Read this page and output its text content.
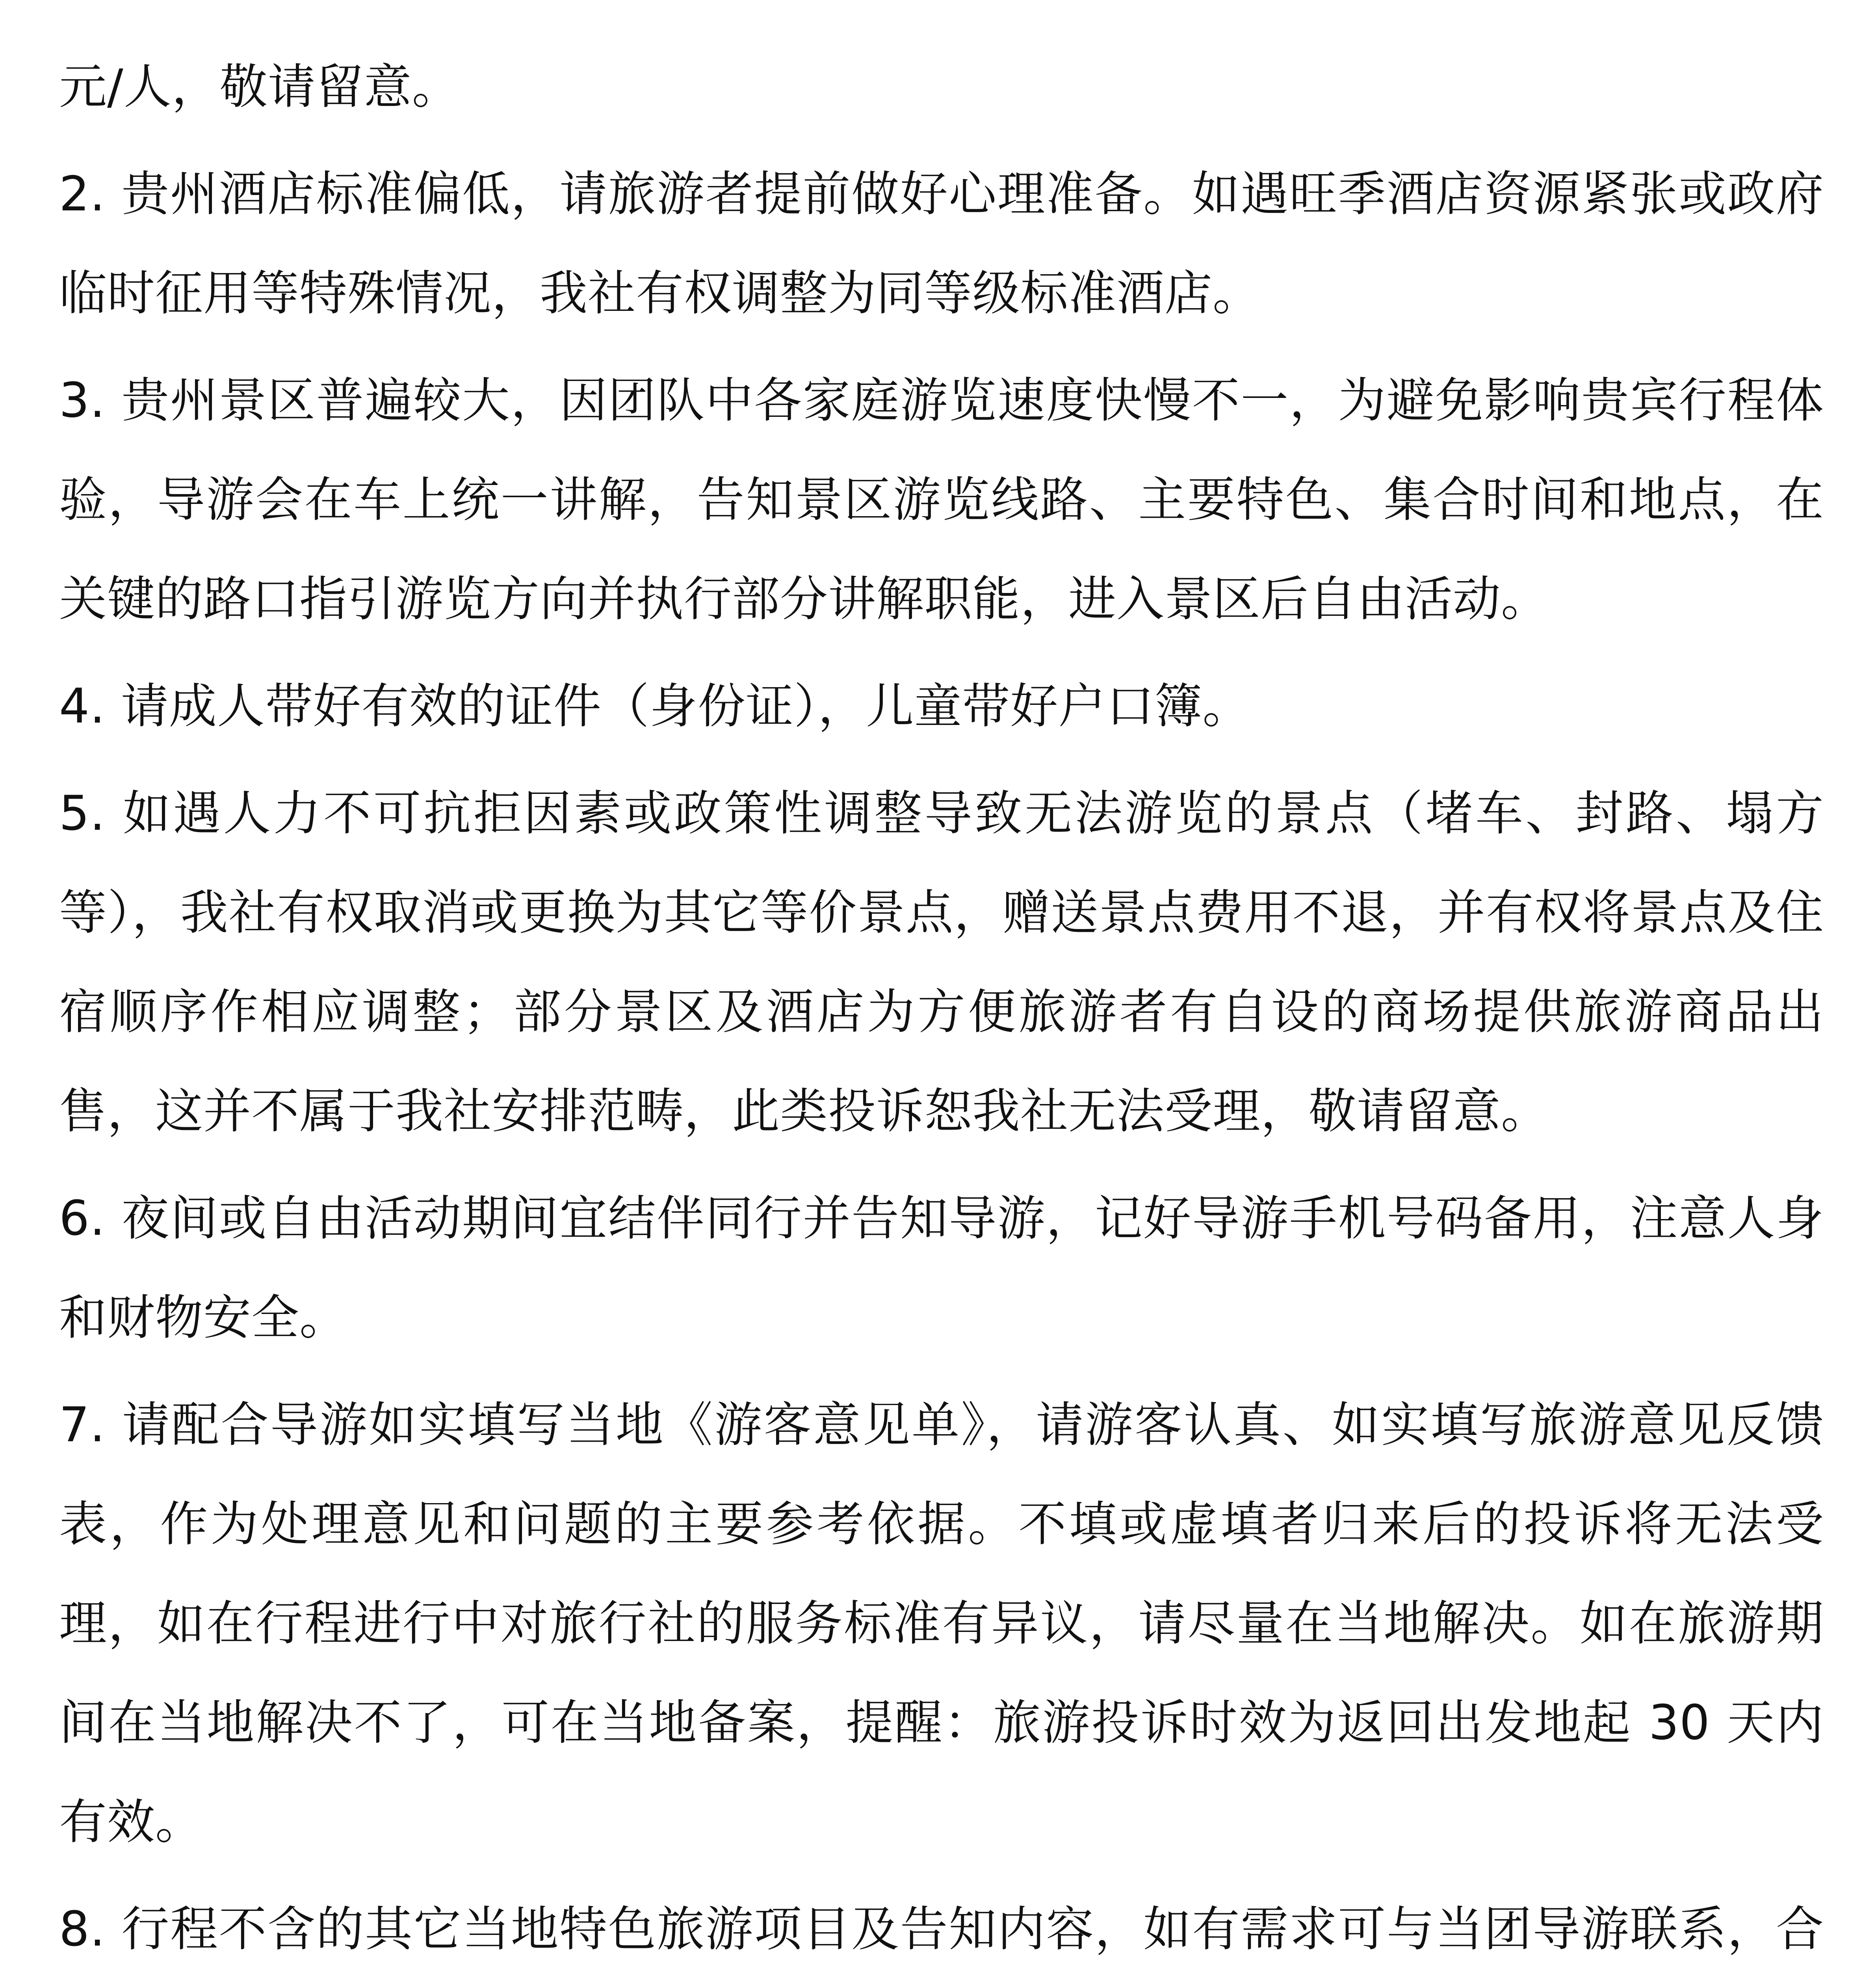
元/人，敬请留意。

2. 贵州酒店标准偏低，请旅游者提前做好心理准备。如遇旺季酒店资源紧张或政府临时征用等特殊情况，我社有权调整为同等级标准酒店。

3. 贵州景区普遍较大，因团队中各家庭游览速度快慢不一，为避免影响贵宾行程体验，导游会在车上统一讲解，告知景区游览线路、主要特色、集合时间和地点，在关键的路口指引游览方向并执行部分讲解职能，进入景区后自由活动。

4. 请成人带好有效的证件（身份证），儿童带好户口簿。

5. 如遇人力不可抗拒因素或政策性调整导致无法游览的景点（堵车、封路、塌方等），我社有权取消或更换为其它等价景点，赠送景点费用不退，并有权将景点及住宿顺序作相应调整；部分景区及酒店为方便旅游者有自设的商场提供旅游商品出售，这并不属于我社安排范畴，此类投诉恕我社无法受理，敬请留意。

6. 夜间或自由活动期间宜结伴同行并告知导游，记好导游手机号码备用，注意人身和财物安全。

7. 请配合导游如实填写当地《游客意见单》，请游客认真、如实填写旅游意见反馈表，作为处理意见和问题的主要参考依据。不填或虚填者归来后的投诉将无法受理，如在行程进行中对旅行社的服务标准有异议，请尽量在当地解决。如在旅游期间在当地解决不了，可在当地备案，提醒：旅游投诉时效为返回出发地起 30 天内有效。

8. 行程不含的其它当地特色旅游项目及告知内容，如有需求可与当团导游联系，合
